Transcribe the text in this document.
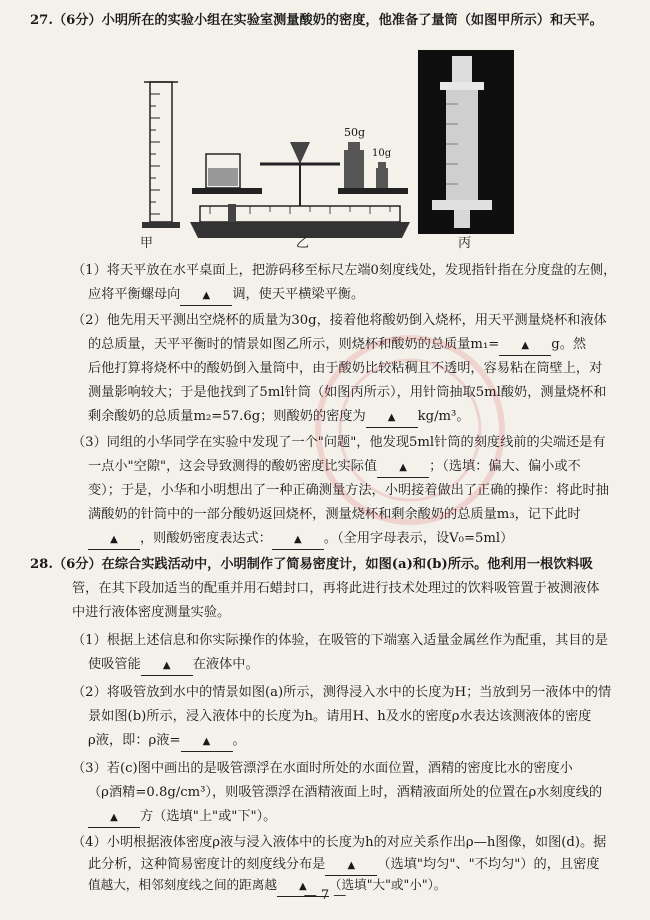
27.（6分）小明所在的实验小组在实验室测量酸奶的密度，他准备了量筒（如图甲所示）和天平。
50g
10g
甲	乙	丙
（1）将天平放在水平桌面上，把游码移至标尺左端0刻度线处，发现指针指在分度盘的左侧，
应将平衡螺母向 ▲ 调，使天平横梁平衡。
（2）他先用天平测出空烧杯的质量为30g，接着他将酸奶倒入烧杯，用天平测量烧杯和液体
的总质量，天平平衡时的情景如图乙所示，则烧杯和酸奶的总质量m₁= ▲ g。然
后他打算将烧杯中的酸奶倒入量筒中，由于酸奶比较粘稠且不透明，容易粘在筒壁上，对
测量影响较大；于是他找到了5ml针筒（如图丙所示），用针筒抽取5ml酸奶，测量烧杯和
剩余酸奶的总质量m₂=57.6g；则酸奶的密度为 ▲ kg/m³。
（3）同组的小华同学在实验中发现了一个"问题"，他发现5ml针筒的刻度线前的尖端还是有
一点小"空隙"，这会导致测得的酸奶密度比实际值 ▲ ；（选填：偏大、偏小或不
变）；于是，小华和小明想出了一种正确测量方法，小明接着做出了正确的操作：将此时抽
满酸奶的针筒中的一部分酸奶返回烧杯，测量烧杯和剩余酸奶的总质量m₃，记下此时
▲ ，则酸奶密度表达式： ▲ 。（全用字母表示，设V₀=5ml）
28.（6分）在综合实践活动中，小明制作了简易密度计，如图(a)和(b)所示。他利用一根饮料吸
管，在其下段加适当的配重并用石蜡封口，再将此进行技术处理过的饮料吸管置于被测液体
中进行液体密度测量实验。
（1）根据上述信息和你实际操作的体验，在吸管的下端塞入适量金属丝作为配重，其目的是
使吸管能 ▲ 在液体中。
（2）将吸管放到水中的情景如图(a)所示，测得浸入水中的长度为H；当放到另一液体中的情
景如图(b)所示，浸入液体中的长度为h。请用H、h及水的密度ρ水表达该测液体的密度
ρ液，即：ρ液= ▲ 。
（3）若(c)图中画出的是吸管漂浮在水面时所处的水面位置，酒精的密度比水的密度小
（ρ酒精=0.8g/cm³），则吸管漂浮在酒精液面上时，酒精液面所处的位置在ρ水刻度线的
▲ 方（选填"上"或"下"）。
（4）小明根据液体密度ρ液与浸入液体中的长度为h的对应关系作出ρ—h图像，如图(d)。据
此分析，这种简易密度计的刻度线分布是 ▲ （选填"均匀"、"不均匀"）的，且密度
值越大，相邻刻度线之间的距离越 ▲ （选填"大"或"小"）。
— 7 —
